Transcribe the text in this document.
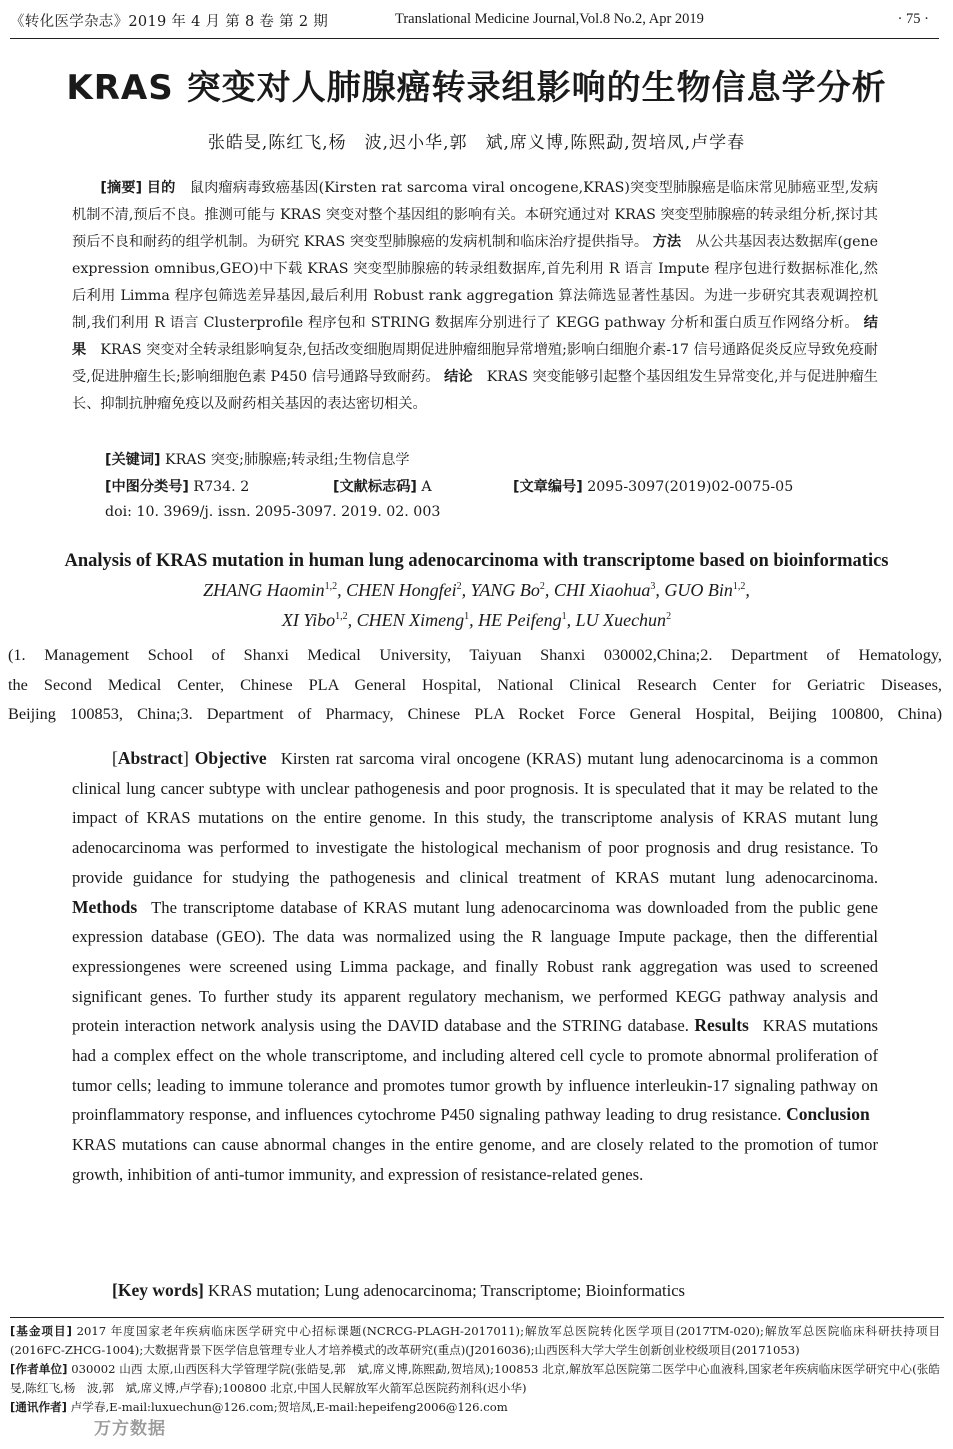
《转化医学杂志》2019 年 4 月 第 8 卷 第 2 期	Translational Medicine Journal,Vol.8 No.2, Apr 2019	· 75 ·
KRAS 突变对人肺腺癌转录组影响的生物信息学分析
张皓旻,陈红飞,杨　波,迟小华,郭　斌,席义博,陈熙勐,贺培凤,卢学春
[摘要] 目的  鼠肉瘤病毒致癌基因(Kirsten rat sarcoma viral oncogene,KRAS)突变型肺腺癌是临床常见肺癌亚型,发病机制不清,预后不良。推测可能与 KRAS 突变对整个基因组的影响有关。本研究通过对 KRAS 突变型肺腺癌的转录组分析,探讨其预后不良和耐药的组学机制。为研究 KRAS 突变型肺腺癌的发病机制和临床治疗提供指导。 方法  从公共基因表达数据库(gene expression omnibus,GEO)中下载 KRAS 突变型肺腺癌的转录组数据库,首先利用 R 语言 Impute 程序包进行数据标准化,然后利用 Limma 程序包筛选差异基因,最后利用 Robust rank aggregation 算法筛选显著性基因。为进一步研究其表观调控机制,我们利用 R 语言 Clusterprofile 程序包和 STRING 数据库分别进行了 KEGG pathway 分析和蛋白质互作网络分析。 结果  KRAS 突变对全转录组影响复杂,包括改变细胞周期促进肿瘤细胞异常增殖;影响白细胞介素-17 信号通路促炎反应导致免疫耐受,促进肿瘤生长;影响细胞色素 P450 信号通路导致耐药。 结论  KRAS 突变能够引起整个基因组发生异常变化,并与促进肿瘤生长、抑制抗肿瘤免疫以及耐药相关基因的表达密切相关。
[关键词] KRAS 突变;肺腺癌;转录组;生物信息学
[中图分类号] R734. 2	[文献标志码] A	[文章编号] 2095-3097(2019)02-0075-05
doi: 10. 3969/j. issn. 2095-3097. 2019. 02. 003
Analysis of KRAS mutation in human lung adenocarcinoma with transcriptome based on bioinformatics
ZHANG Haomin$^{1,2}$, CHEN Hongfei$^2$, YANG Bo$^2$, CHI Xiaohua$^3$, GUO Bin$^{1,2}$,
XI Yibo$^{1,2}$, CHEN Ximeng$^1$, HE Peifeng$^1$, LU Xuechun$^2$
(1. Management School of Shanxi Medical University, Taiyuan Shanxi 030002,China;2. Department of Hematology,
the Second Medical Center, Chinese PLA General Hospital, National Clinical Research Center for Geriatric Diseases,
Beijing 100853, China;3. Department of Pharmacy, Chinese PLA Rocket Force General Hospital, Beijing 100800, China)
[Abstract] Objective  Kirsten rat sarcoma viral oncogene (KRAS) mutant lung adenocarcinoma is a common clinical lung cancer subtype with unclear pathogenesis and poor prognosis. It is speculated that it may be related to the impact of KRAS mutations on the entire genome. In this study, the transcriptome analysis of KRAS mutant lung adenocarcinoma was performed to investigate the histological mechanism of poor prognosis and drug resistance. To provide guidance for studying the pathogenesis and clinical treatment of KRAS mutant lung adenocarcinoma. Methods  The transcriptome database of KRAS mutant lung adenocarcinoma was downloaded from the public gene expression database (GEO). The data was normalized using the R language Impute package, then the differential expressiongenes were screened using Limma package, and finally Robust rank aggregation was used to screened significant genes. To further study its apparent regulatory mechanism, we performed KEGG pathway analysis and protein interaction network analysis using the DAVID database and the STRING database. Results  KRAS mutations had a complex effect on the whole transcriptome, and including altered cell cycle to promote abnormal proliferation of tumor cells; leading to immune tolerance and promotes tumor growth by influence interleukin-17 signaling pathway on proinflammatory response, and influences cytochrome P450 signaling pathway leading to drug resistance. Conclusion  KRAS mutations can cause abnormal changes in the entire genome, and are closely related to the promotion of tumor growth, inhibition of anti-tumor immunity, and expression of resistance-related genes.
[Key words] KRAS mutation; Lung adenocarcinoma; Transcriptome; Bioinformatics
[基金项目] 2017 年度国家老年疾病临床医学研究中心招标课题(NCRCG-PLAGH-2017011);解放军总医院转化医学项目(2017TM-020);解放军总医院临床科研扶持项目(2016FC-ZHCG-1004);大数据背景下医学信息管理专业人才培养模式的改革研究(重点)(J2016036);山西医科大学大学生创新创业校级项目(20171053)
[作者单位] 030002 山西 太原,山西医科大学管理学院(张皓旻,郭　斌,席义博,陈熙勐,贺培凤);100853 北京,解放军总医院第二医学中心血液科,国家老年疾病临床医学研究中心(张皓旻,陈红飞,杨　波,郭　斌,席义博,卢学春);100800 北京,中国人民解放军火箭军总医院药剂科(迟小华)
[通讯作者] 卢学春,E-mail:luxuechun@126.com;贺培凤,E-mail:hepeifeng2006@126.com
万方数据
